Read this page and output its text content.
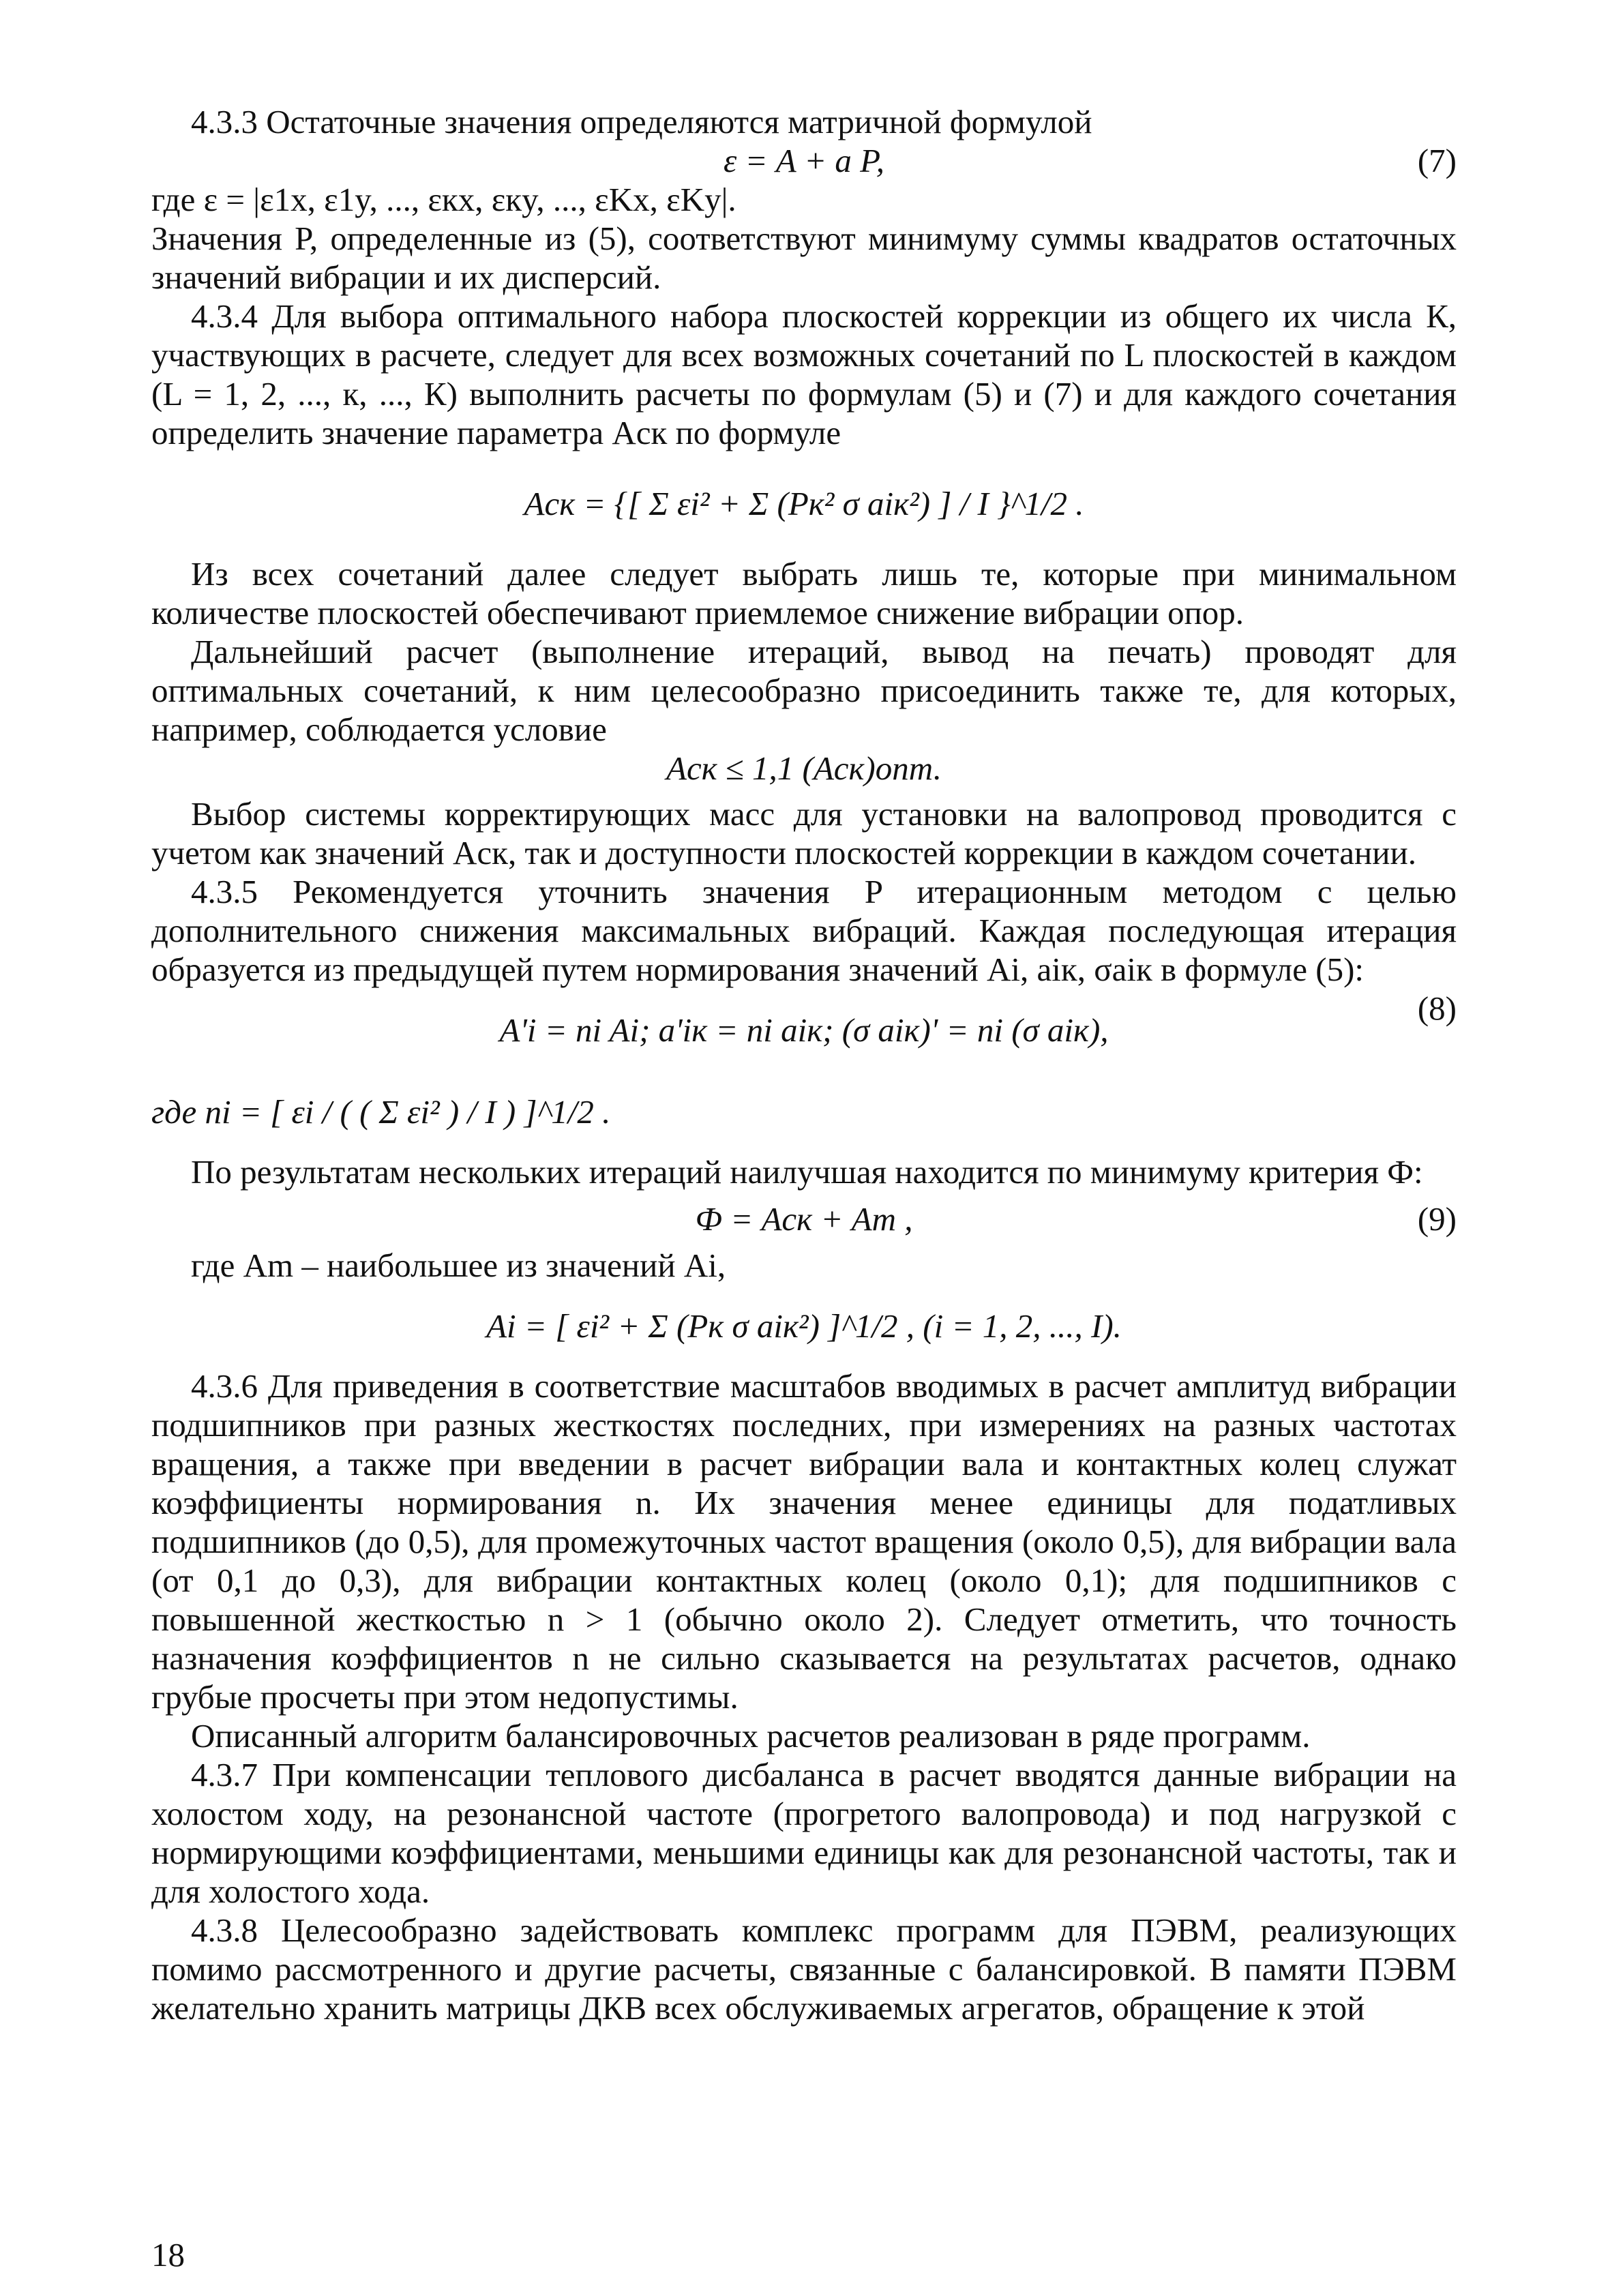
4.3.3 Остаточные значения определяются матричной формулой

ε = A + a P,	(7)

где ε = |ε1x, ε1y, ..., εкx, εкy, ..., εKx, εKy|.

Значения P, определенные из (5), соответствуют минимуму суммы квадратов остаточных значений вибрации и их дисперсий.

4.3.4 Для выбора оптимального набора плоскостей коррекции из общего их числа К, участвующих в расчете, следует для всех возможных сочетаний по L плоскостей в каждом (L = 1, 2, ..., к, ..., К) выполнить расчеты по формулам (5) и (7) и для каждого сочетания определить значение параметра Aск по формуле

Aск = {[ Σ εi² + Σ (Pк² σ aiк²) ] / I }^1/2 .

Из всех сочетаний далее следует выбрать лишь те, которые при минимальном количестве плоскостей обеспечивают приемлемое снижение вибрации опор.

Дальнейший расчет (выполнение итераций, вывод на печать) проводят для оптимальных сочетаний, к ним целесообразно присоединить также те, для которых, например, соблюдается условие

Aск ≤ 1,1 (Aск)опт.

Выбор системы корректирующих масс для установки на валопровод проводится с учетом как значений Aск, так и доступности плоскостей коррекции в каждом сочетании.

4.3.5 Рекомендуется уточнить значения P итерационным методом с целью дополнительного снижения максимальных вибраций. Каждая последующая итерация образуется из предыдущей путем нормирования значений Ai, aiк, σaiк в формуле (5):

A'i = ni Ai; a'iк = ni aiк; (σ aiк)' = ni (σ aiк),
(8)

где ni = [ εi / ( ( Σ εi² ) / I ) ]^1/2 .

По результатам нескольких итераций наилучшая находится по минимуму критерия Ф:

Ф = Aск + Am ,	(9)

где Am – наибольшее из значений Ai,

Ai = [ εi² + Σ (Pк σ aiк²) ]^1/2 , (i = 1, 2, ..., I).

4.3.6 Для приведения в соответствие масштабов вводимых в расчет амплитуд вибрации подшипников при разных жесткостях последних, при измерениях на разных частотах вращения, а также при введении в расчет вибрации вала и контактных колец служат коэффициенты нормирования n. Их значения менее единицы для податливых подшипников (до 0,5), для промежуточных частот вращения (около 0,5), для вибрации вала (от 0,1 до 0,3), для вибрации контактных колец (около 0,1); для подшипников с повышенной жесткостью n > 1 (обычно около 2). Следует отметить, что точность назначения коэффициентов n не сильно сказывается на результатах расчетов, однако грубые просчеты при этом недопустимы.

Описанный алгоритм балансировочных расчетов реализован в ряде программ.

4.3.7 При компенсации теплового дисбаланса в расчет вводятся данные вибрации на холостом ходу, на резонансной частоте (прогретого валопровода) и под нагрузкой с нормирующими коэффициентами, меньшими единицы как для резонансной частоты, так и для холостого хода.

4.3.8 Целесообразно задействовать комплекс программ для ПЭВМ, реализующих помимо рассмотренного и другие расчеты, связанные с балансировкой. В памяти ПЭВМ желательно хранить матрицы ДКВ всех обслуживаемых агрегатов, обращение к этой

18
